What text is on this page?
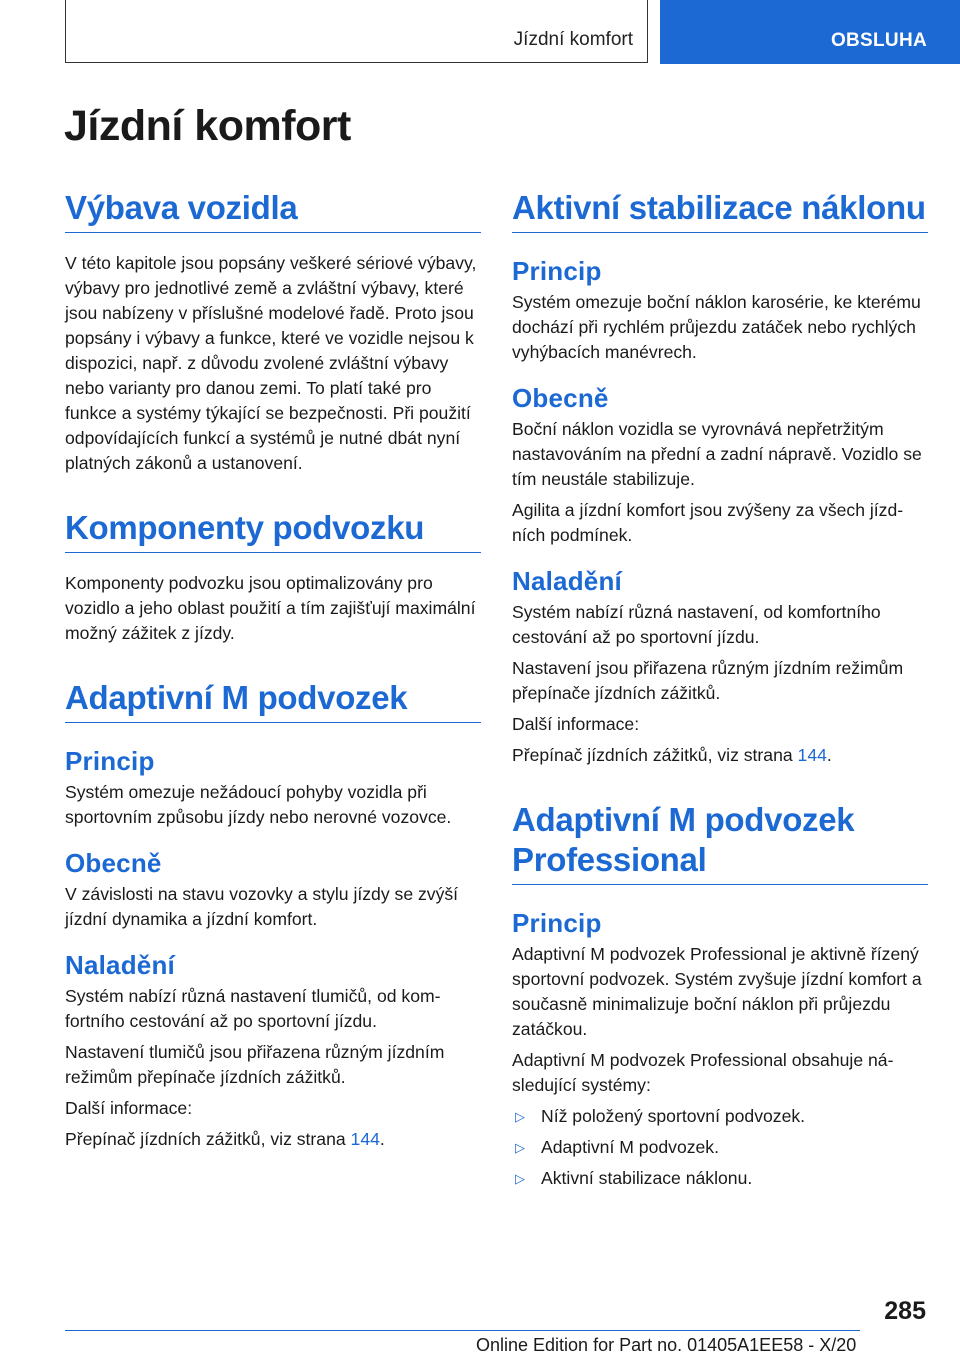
Jízdní komfort	OBSLUHA
Jízdní komfort
Výbava vozidla

V této kapitole jsou popsány veškeré sériové výbavy, výbavy pro jednotlivé země a zvláštní výbavy, které jsou nabízeny v příslušné modelové řadě. Proto jsou popsány i výbavy a funkce, které ve vozidle nejsou k dispozici, např. z důvodu zvolené zvláštní výbavy nebo varianty pro danou zemi. To platí také pro funkce a systémy týkající se bezpečnosti. Při použití odpovídajících funkcí a systémů je nutné dbát nyní platných zákonů a ustanovení.

Komponenty podvozku

Komponenty podvozku jsou optimalizovány pro vozidlo a jeho oblast použití a tím zajišťují maximální možný zážitek z jízdy.

Adaptivní M podvozek
Princip

Systém omezuje nežádoucí pohyby vozidla při sportovním způsobu jízdy nebo nerovné vozovce.

Obecně

V závislosti na stavu vozovky a stylu jízdy se zvýší jízdní dynamika a jízdní komfort.

Naladění

Systém nabízí různá nastavení tlumičů, od komfortního cestování až po sportovní jízdu.

Nastavení tlumičů jsou přiřazena různým jízdním režimům přepínače jízdních zážitků.

Další informace:

Přepínač jízdních zážitků, viz strana 144.

Aktivní stabilizace náklonu
Princip

Systém omezuje boční náklon karosérie, ke kterému dochází při rychlém průjezdu zatáček nebo rychlých vyhýbacích manévrech.

Obecně

Boční náklon vozidla se vyrovnává nepřetržitým nastavováním na přední a zadní nápravě. Vozidlo se tím neustále stabilizuje.

Agilita a jízdní komfort jsou zvýšeny za všech jízdních podmínek.

Naladění

Systém nabízí různá nastavení, od komfortního cestování až po sportovní jízdu.

Nastavení jsou přiřazena různým jízdním režimům přepínače jízdních zážitků.

Další informace:

Přepínač jízdních zážitků, viz strana 144.

Adaptivní M podvozek Professional
Princip

Adaptivní M podvozek Professional je aktivně řízený sportovní podvozek. Systém zvyšuje jízdní komfort a současně minimalizuje boční náklon při průjezdu zatáčkou.

Adaptivní M podvozek Professional obsahuje následující systémy:

▷ Níž položený sportovní podvozek.
▷ Adaptivní M podvozek.
▷ Aktivní stabilizace náklonu.
285
Online Edition for Part no. 01405A1EE58 - X/20
